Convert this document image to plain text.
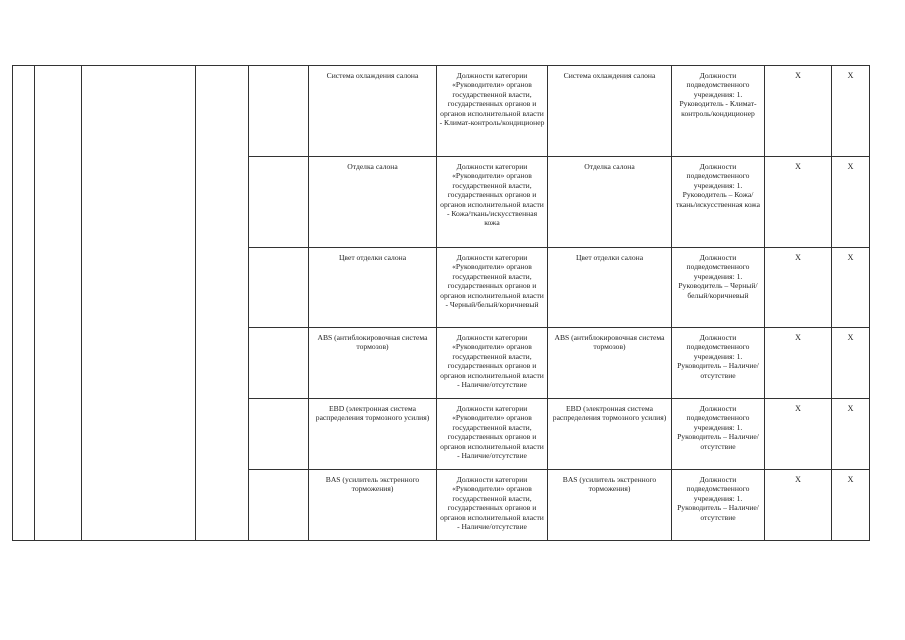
					Система охлаждения салона	Должности категории «Руководители» органов государственной власти, государственных органов и органов исполнительной власти - Климат-контроль/кондиционер	Система охлаждения салона	Должности подведомственного учреждения: 1. Руководитель - Климат-контроль/кондиционер	X	X
					Отделка салона	Должности категории «Руководители» органов государственной власти, государственных органов и органов исполнительной власти - Кожа/ткань/искусственная кожа	Отделка салона	Должности подведомственного учреждения: 1. Руководитель – Кожа/ткань/искусственная кожа	X	X
					Цвет отделки салона	Должности категории «Руководители» органов государственной власти, государственных органов и органов исполнительной власти - Черный/белый/коричневый	Цвет отделки салона	Должности подведомственного учреждения: 1. Руководитель – Черный/белый/коричневый	X	X
					ABS (антиблокировочная система тормозов)	Должности категории «Руководители» органов государственной власти, государственных органов и органов исполнительной власти - Наличие/отсутствие	ABS (антиблокировочная система тормозов)	Должности подведомственного учреждения: 1. Руководитель – Наличие/отсутствие	X	X
					EBD (электронная система распределения тормозного усилия)	Должности категории «Руководители» органов государственной власти, государственных органов и органов исполнительной власти - Наличие/отсутствие	EBD (электронная система распределения тормозного усилия)	Должности подведомственного учреждения: 1. Руководитель – Наличие/отсутствие	X	X
					BAS (усилитель экстренного торможения)	Должности категории «Руководители» органов государственной власти, государственных органов и органов исполнительной власти - Наличие/отсутствие	BAS (усилитель экстренного торможения)	Должности подведомственного учреждения: 1. Руководитель – Наличие/отсутствие	X	X
